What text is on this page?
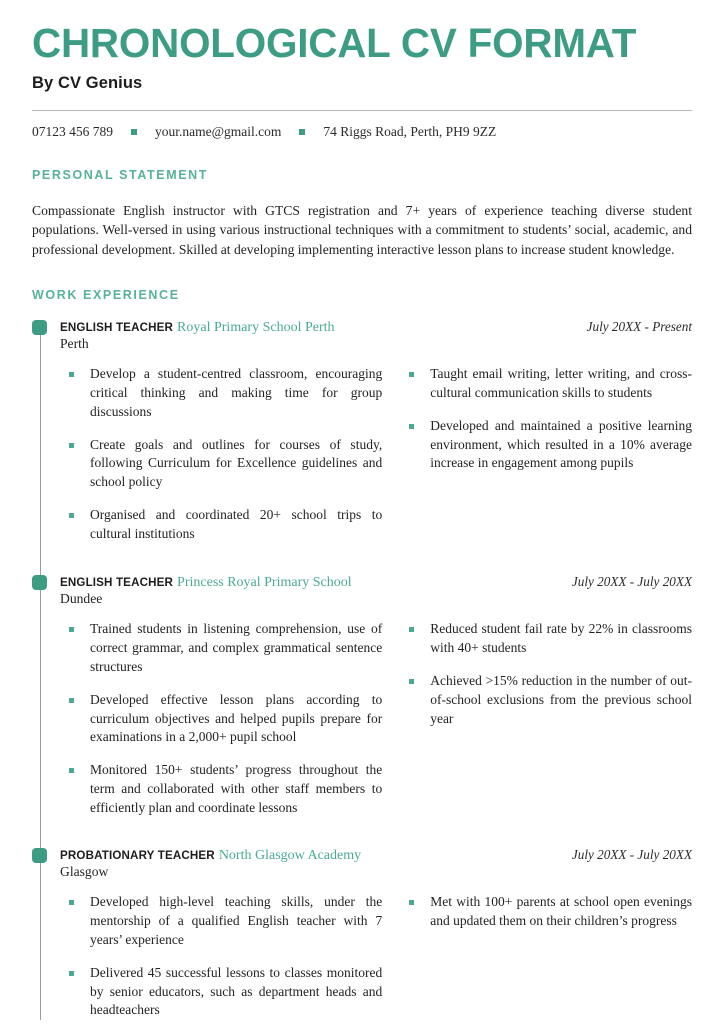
CHRONOLOGICAL CV FORMAT
By CV Genius
07123 456 789	your.name@gmail.com	74 Riggs Road, Perth, PH9 9ZZ
PERSONAL STATEMENT
Compassionate English instructor with GTCS registration and 7+ years of experience teaching diverse student populations. Well-versed in using various instructional techniques with a commitment to students’ social, academic, and professional development. Skilled at developing implementing interactive lesson plans to increase student knowledge.
WORK EXPERIENCE
ENGLISH TEACHER Royal Primary School Perth
Perth
July 20XX - Present
Develop a student-centred classroom, encouraging critical thinking and making time for group discussions
Create goals and outlines for courses of study, following Curriculum for Excellence guidelines and school policy
Organised and coordinated 20+ school trips to cultural institutions
Taught email writing, letter writing, and cross-cultural communication skills to students
Developed and maintained a positive learning environment, which resulted in a 10% average increase in engagement among pupils
ENGLISH TEACHER Princess Royal Primary School
Dundee
July 20XX - July 20XX
Trained students in listening comprehension, use of correct grammar, and complex grammatical sentence structures
Developed effective lesson plans according to curriculum objectives and helped pupils prepare for examinations in a 2,000+ pupil school
Monitored 150+ students’ progress throughout the term and collaborated with other staff members to efficiently plan and coordinate lessons
Reduced student fail rate by 22% in classrooms with 40+ students
Achieved >15% reduction in the number of out-of-school exclusions from the previous school year
PROBATIONARY TEACHER North Glasgow Academy
Glasgow
July 20XX - July 20XX
Developed high-level teaching skills, under the mentorship of a qualified English teacher with 7 years’ experience
Delivered 45 successful lessons to classes monitored by senior educators, such as department heads and headteachers
Met with 100+ parents at school open evenings and updated them on their children’s progress
